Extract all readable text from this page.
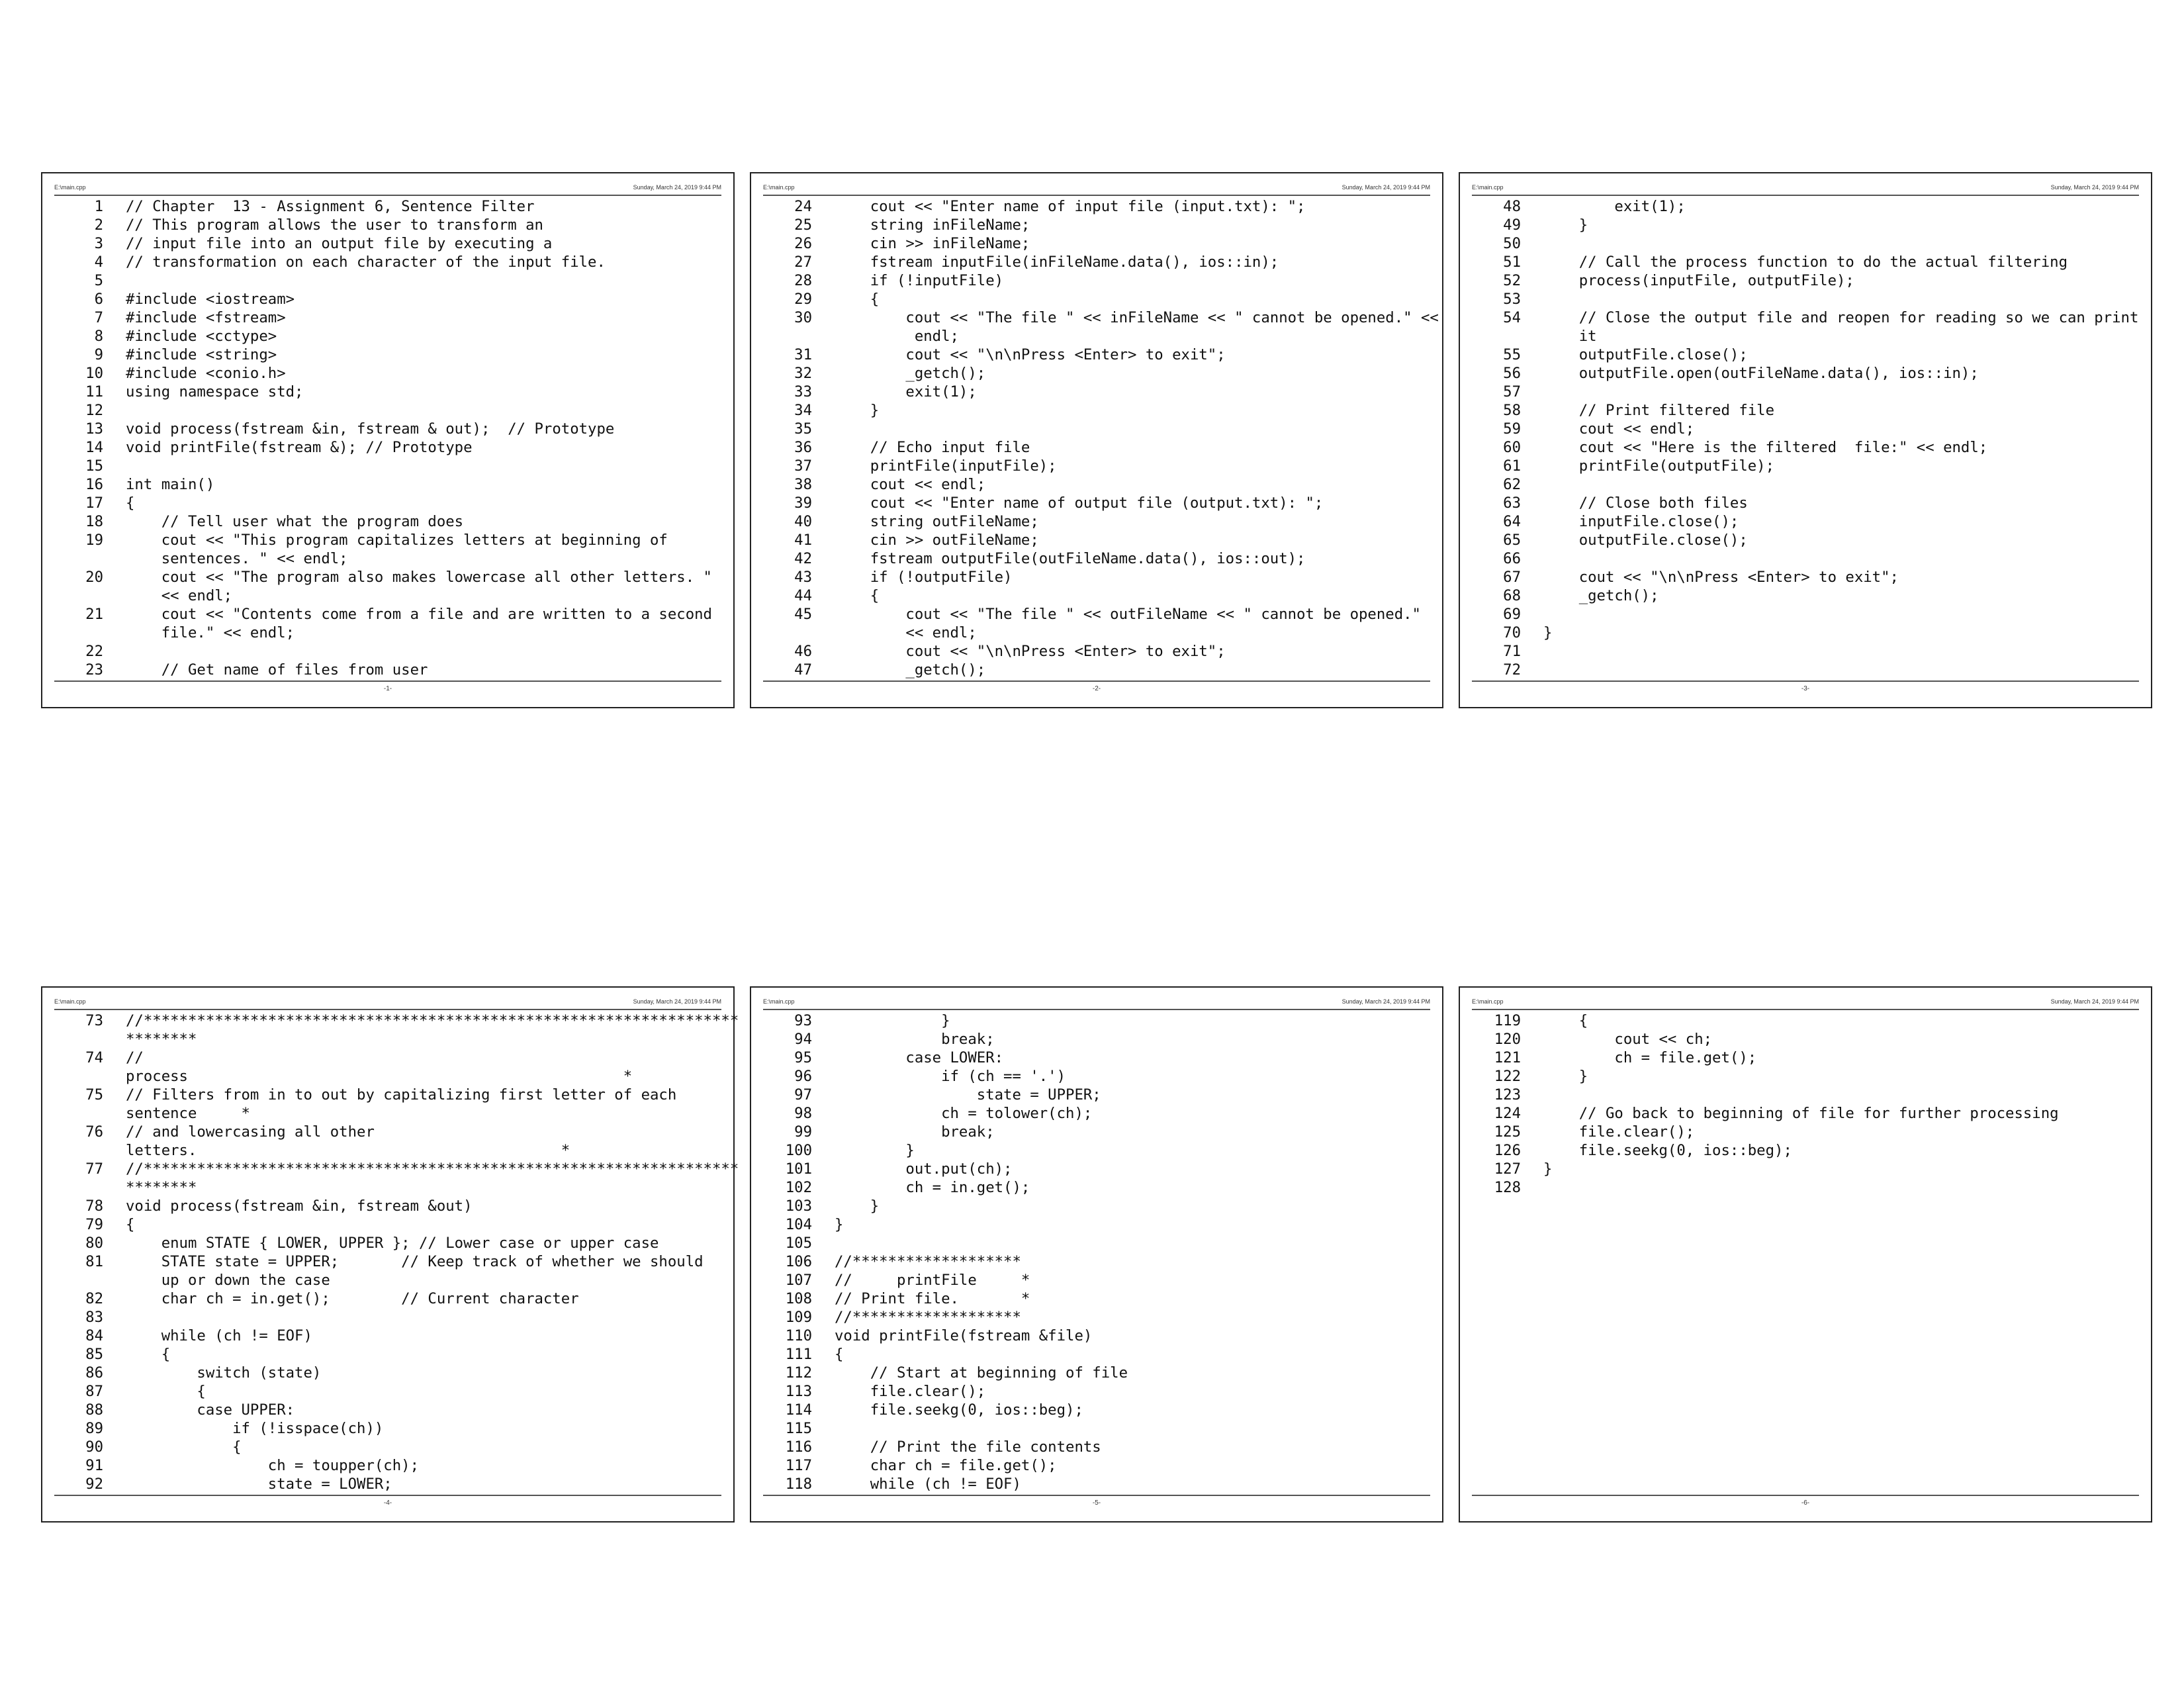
E:\main.cpp	Sunday, March 24, 2019 9:44 PM
1	// Chapter  13 - Assignment 6, Sentence Filter
2	// This program allows the user to transform an
3	// input file into an output file by executing a
4	// transformation on each character of the input file.
5
6	#include <iostream>
7	#include <fstream>
8	#include <cctype>
9	#include <string>
10	#include <conio.h>
11	using namespace std;
12
13	void process(fstream &in, fstream & out);  // Prototype
14	void printFile(fstream &); // Prototype
15
16	int main()
17	{
18	// Tell user what the program does
19	cout << "This program capitalizes letters at beginning of
sentences. " << endl;
20	cout << "The program also makes lowercase all other letters. "
<< endl;
21	cout << "Contents come from a file and are written to a second
file." << endl;
22
23	// Get name of files from user
-1-
E:\main.cpp	Sunday, March 24, 2019 9:44 PM
24	cout << "Enter name of input file (input.txt): ";
25	string inFileName;
26	cin >> inFileName;
27	fstream inputFile(inFileName.data(), ios::in);
28	if (!inputFile)
29	{
30	cout << "The file " << inFileName << " cannot be opened." <<
endl;
31	cout << "\n\nPress <Enter> to exit";
32	_getch();
33	exit(1);
34	}
35
36	// Echo input file
37	printFile(inputFile);
38	cout << endl;
39	cout << "Enter name of output file (output.txt): ";
40	string outFileName;
41	cin >> outFileName;
42	fstream outputFile(outFileName.data(), ios::out);
43	if (!outputFile)
44	{
45	cout << "The file " << outFileName << " cannot be opened."
<< endl;
46	cout << "\n\nPress <Enter> to exit";
47	_getch();
-2-
E:\main.cpp	Sunday, March 24, 2019 9:44 PM
48	exit(1);
49	}
50
51	// Call the process function to do the actual filtering
52	process(inputFile, outputFile);
53
54	// Close the output file and reopen for reading so we can print
it
55	outputFile.close();
56	outputFile.open(outFileName.data(), ios::in);
57
58	// Print filtered file
59	cout << endl;
60	cout << "Here is the filtered  file:" << endl;
61	printFile(outputFile);
62
63	// Close both files
64	inputFile.close();
65	outputFile.close();
66
67	cout << "\n\nPress <Enter> to exit";
68	_getch();
69
70	}
71
72
-3-
E:\main.cpp	Sunday, March 24, 2019 9:44 PM
73	//*******************************************************************
********
74	//
process                                                 *
75	// Filters from in to out by capitalizing first letter of each
sentence     *
76	// and lowercasing all other
letters.                                         *
77	//*******************************************************************
********
78	void process(fstream &in, fstream &out)
79	{
80	enum STATE { LOWER, UPPER }; // Lower case or upper case
81	STATE state = UPPER;       // Keep track of whether we should
up or down the case
82	char ch = in.get();        // Current character
83
84	while (ch != EOF)
85	{
86	switch (state)
87	{
88	case UPPER:
89	if (!isspace(ch))
90	{
91	ch = toupper(ch);
92	state = LOWER;
-4-
E:\main.cpp	Sunday, March 24, 2019 9:44 PM
93	}
94	break;
95	case LOWER:
96	if (ch == '.')
97	state = UPPER;
98	ch = tolower(ch);
99	break;
100	}
101	out.put(ch);
102	ch = in.get();
103	}
104	}
105
106	//*******************
107	//     printFile     *
108	// Print file.       *
109	//*******************
110	void printFile(fstream &file)
111	{
112	// Start at beginning of file
113	file.clear();
114	file.seekg(0, ios::beg);
115
116	// Print the file contents
117	char ch = file.get();
118	while (ch != EOF)
-5-
E:\main.cpp	Sunday, March 24, 2019 9:44 PM
119	{
120	cout << ch;
121	ch = file.get();
122	}
123
124	// Go back to beginning of file for further processing
125	file.clear();
126	file.seekg(0, ios::beg);
127	}
128
-6-
